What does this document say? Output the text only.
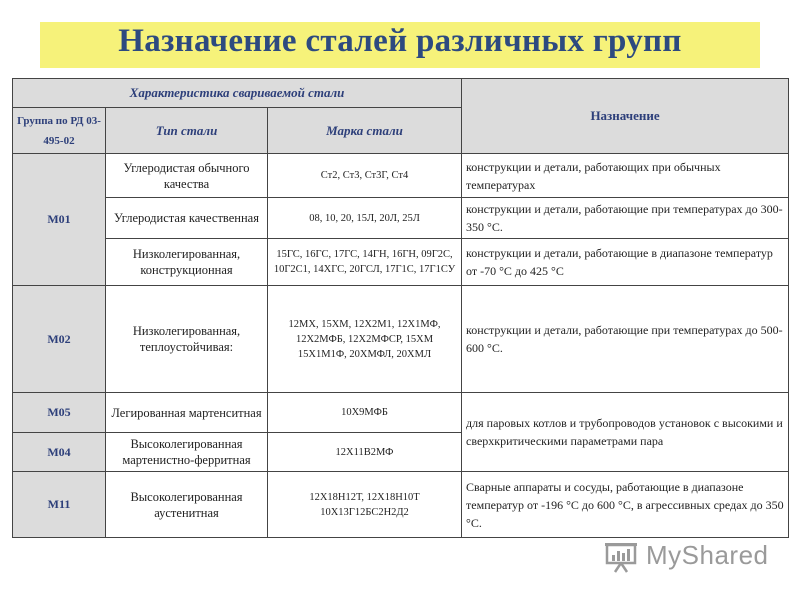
Назначение сталей различных групп
Характеристика свариваемой стали			Назначение
Группа по РД 03-495-02	Тип стали	Марка стали	
М01	Углеродистая обычного качества	Ст2, Ст3, Ст3Г, Ст4	конструкции и детали, работающих при обычных температурах
	Углеродистая качественная	08, 10, 20, 15Л, 20Л, 25Л	конструкции и детали, работающие при температурах до 300-350 °С.
	Низколегированная, конструкционная	15ГС, 16ГС, 17ГС, 14ГН, 16ГН, 09Г2С, 10Г2С1, 14ХГС, 20ГСЛ, 17Г1С, 17Г1СУ	конструкции и детали, работающие в диапазоне температур от -70 °С до 425 °С
М02	Низколегированная, теплоустойчивая:	12МХ, 15ХМ, 12Х2М1, 12Х1МФ, 12Х2МФБ, 12Х2МФСР, 15ХМ 15Х1М1Ф, 20ХМФЛ, 20ХМЛ	конструкции и детали, работающие при температурах до 500-600 °С.
М05	Легированная мартенситная	10Х9МФБ	для паровых котлов и трубопроводов установок с высокими и сверхкритическими параметрами пара
М04	Высоколегированная мартенистно-ферритная	12Х11В2МФ	
М11	Высоколегированная аустенитная	12Х18Н12Т, 12Х18Н10Т 10Х13Г12БС2Н2Д2	Сварные аппараты и сосуды, работающие в диапазоне температур от -196 °С до 600 °С, в агрессивных средах до 350 °С.
MyShared
